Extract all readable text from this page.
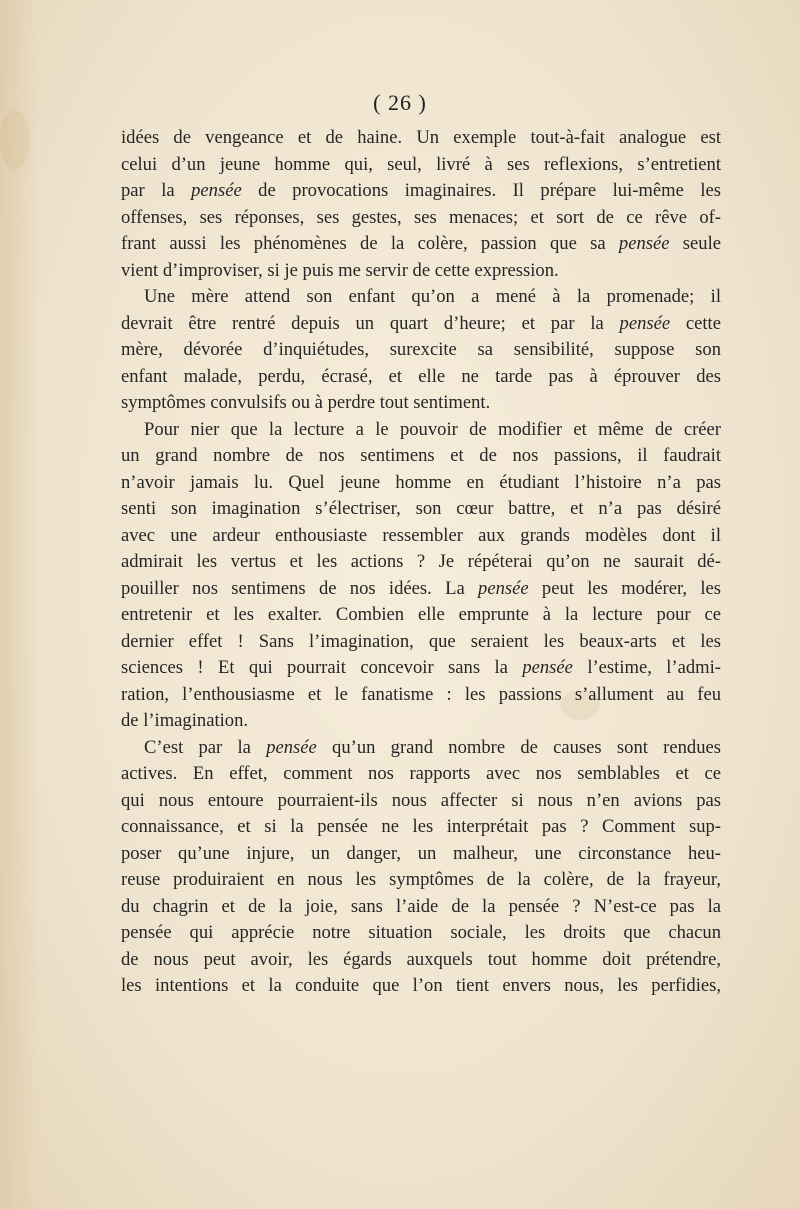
( 26 )
idées de vengeance et de haine. Un exemple tout-à-fait analogue est
celui d’un jeune homme qui, seul, livré à ses reflexions, s’entretient
par la pensée de provocations imaginaires. Il prépare lui-même les
offenses, ses réponses, ses gestes, ses menaces; et sort de ce rêve of-
frant aussi les phénomènes de la colère, passion que sa pensée seule
vient d’improviser, si je puis me servir de cette expression.
Une mère attend son enfant qu’on a mené à la promenade; il
devrait être rentré depuis un quart d’heure; et par la pensée cette
mère, dévorée d’inquiétudes, surexcite sa sensibilité, suppose son
enfant malade, perdu, écrasé, et elle ne tarde pas à éprouver des
symptômes convulsifs ou à perdre tout sentiment.
Pour nier que la lecture a le pouvoir de modifier et même de créer
un grand nombre de nos sentimens et de nos passions, il faudrait
n’avoir jamais lu. Quel jeune homme en étudiant l’histoire n’a pas
senti son imagination s’électriser, son cœur battre, et n’a pas désiré
avec une ardeur enthousiaste ressembler aux grands modèles dont il
admirait les vertus et les actions ? Je répéterai qu’on ne saurait dé-
pouiller nos sentimens de nos idées. La pensée peut les modérer, les
entretenir et les exalter. Combien elle emprunte à la lecture pour ce
dernier effet ! Sans l’imagination, que seraient les beaux-arts et les
sciences ! Et qui pourrait concevoir sans la pensée l’estime, l’admi-
ration, l’enthousiasme et le fanatisme : les passions s’allument au feu
de l’imagination.
C’est par la pensée qu’un grand nombre de causes sont rendues
actives. En effet, comment nos rapports avec nos semblables et ce
qui nous entoure pourraient-ils nous affecter si nous n’en avions pas
connaissance, et si la pensée ne les interprétait pas ? Comment sup-
poser qu’une injure, un danger, un malheur, une circonstance heu-
reuse produiraient en nous les symptômes de la colère, de la frayeur,
du chagrin et de la joie, sans l’aide de la pensée ? N’est-ce pas la
pensée qui apprécie notre situation sociale, les droits que chacun
de nous peut avoir, les égards auxquels tout homme doit prétendre,
les intentions et la conduite que l’on tient envers nous, les perfidies,
